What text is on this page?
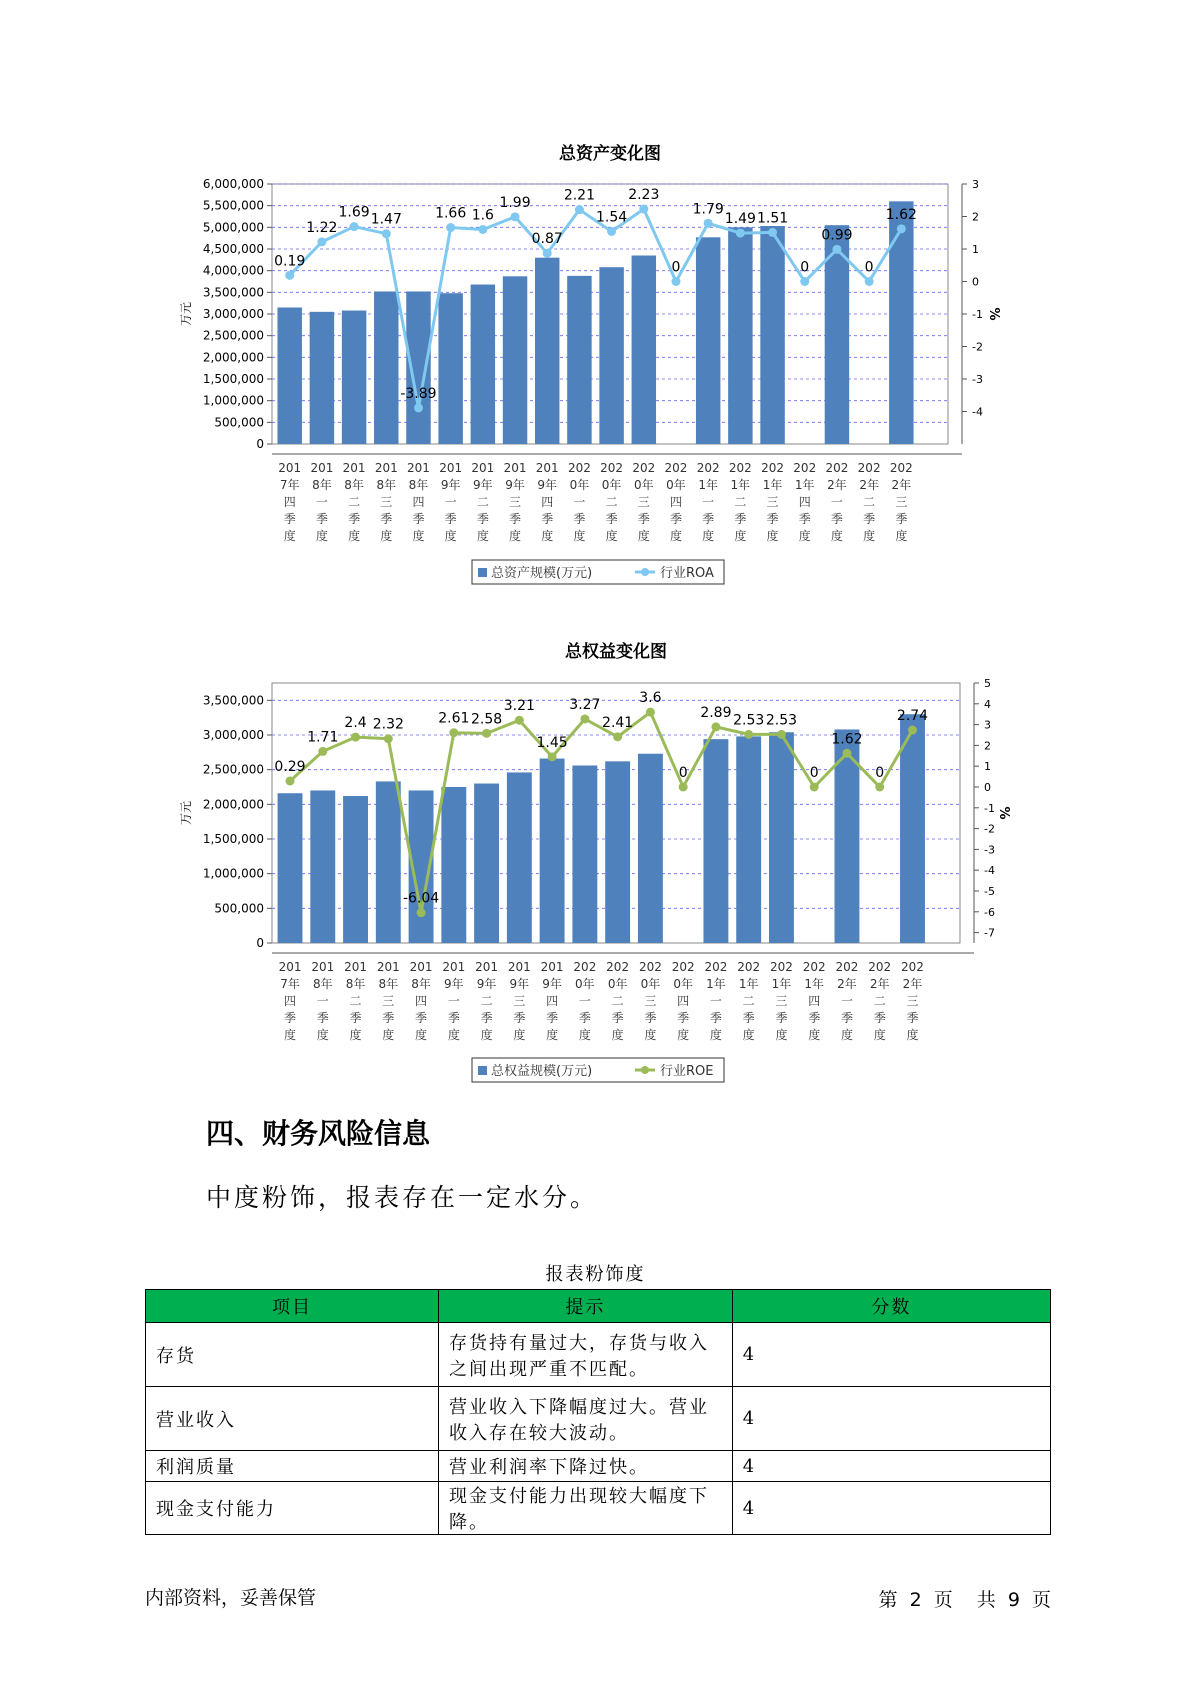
总资产变化图
6,000,000
5,500,000
5,000,000
4,500,000
4,000,000
3,500,000
3,000,000
2,500,000
2,000,000
1,500,000
1,000,000
500,000
0
3
2
1
0
-1
-2
-3
-4
万元	%
201
7年
四
季
度
201
8年
一
季
度
201
8年
二
季
度
201
8年
三
季
度
201
8年
四
季
度
201
9年
一
季
度
201
9年
二
季
度
201
9年
三
季
度
201
9年
四
季
度
202
0年
一
季
度
202
0年
二
季
度
202
0年
三
季
度
202
0年
四
季
度
202
1年
一
季
度
202
1年
二
季
度
202
1年
三
季
度
202
1年
四
季
度
202
2年
一
季
度
202
2年
二
季
度
202
2年
三
季
度
0.19
1.22
1.69 1.47
-3.89
1.66 1.6
1.99
0.87
2.21
1.54
2.23
0
1.79
1.49 1.51
0
0.99
0
1.62
总资产规模(万元)	行业ROA
总权益变化图
3,500,000
3,000,000
2,500,000
2,000,000
1,500,000
1,000,000
500,000
0
5
4
3
2
1
0
-1
-2
-3
-4
-5
-6
-7
万元	%
201
7年
四
季
度
201
8年
一
季
度
201
8年
二
季
度
201
8年
三
季
度
201
8年
四
季
度
201
9年
一
季
度
201
9年
二
季
度
201
9年
三
季
度
201
9年
四
季
度
202
0年
一
季
度
202
0年
二
季
度
202
0年
三
季
度
202
0年
四
季
度
202
1年
一
季
度
202
1年
二
季
度
202
1年
三
季
度
202
1年
四
季
度
202
2年
一
季
度
202
2年
二
季
度
202
2年
三
季
度
0.29
1.71
2.4 2.32
-6.04
2.61 2.58
3.21
1.45
3.27
2.41
3.6
0
2.89 2.53 2.53
0
1.62
0
2.74
总权益规模(万元)	行业ROE
四、财务风险信息
中度粉饰，报表存在一定水分。
报表粉饰度
项目	提示	分数
存货	存货持有量过大，存货与收入之间出现严重不匹配。	4
营业收入	营业收入下降幅度过大。营业收入存在较大波动。	4
利润质量	营业利润率下降过快。	4
现金支付能力	现金支付能力出现较大幅度下降。	4
内部资料，妥善保管	第 2 页 共 9 页
